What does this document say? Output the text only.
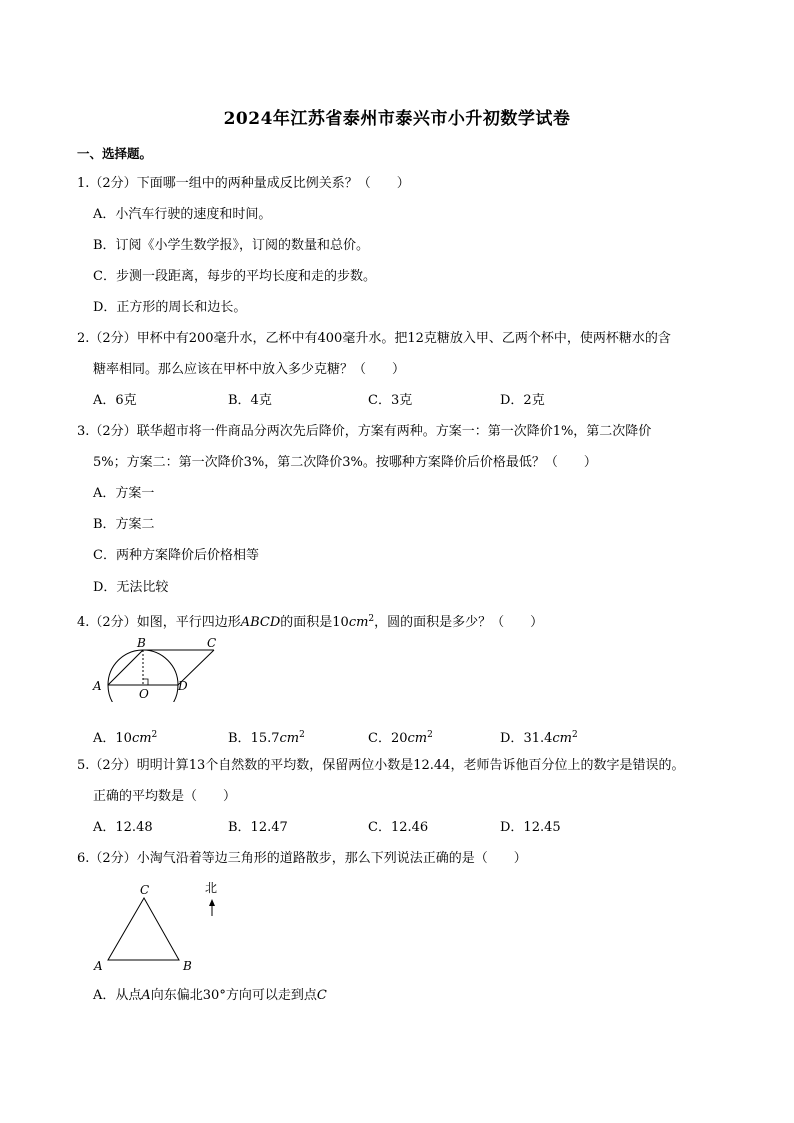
2024年江苏省泰州市泰兴市小升初数学试卷
一、选择题。
1.（2分）下面哪一组中的两种量成反比例关系？（　　）
A．小汽车行驶的速度和时间。
B．订阅《小学生数学报》，订阅的数量和总价。
C．步测一段距离，每步的平均长度和走的步数。
D．正方形的周长和边长。
2.（2分）甲杯中有200毫升水，乙杯中有400毫升水。把12克糖放入甲、乙两个杯中，使两杯糖水的含
糖率相同。那么应该在甲杯中放入多少克糖？（　　）
A．6克	B．4克	C．3克	D．2克
3.（2分）联华超市将一件商品分两次先后降价，方案有两种。方案一：第一次降价1%，第二次降价
5%；方案二：第一次降价3%，第二次降价3%。按哪种方案降价后价格最低？（　　）
A．方案一
B．方案二
C．两种方案降价后价格相等
D．无法比较
4.（2分）如图，平行四边形ABCD的面积是$10cm^2$，圆的面积是多少？（　　）
A
B	C
D
O
A．$10cm^2$	B．$15.7cm^2$	C．$20cm^2$	D．$31.4cm^2$
5.（2分）明明计算13个自然数的平均数，保留两位小数是12.44，老师告诉他百分位上的数字是错误的。
正确的平均数是（　　）
A．12.48	B．12.47	C．12.46	D．12.45
6.（2分）小淘气沿着等边三角形的道路散步，那么下列说法正确的是（　　）
A	B
C	北
A．从点A向东偏北30°方向可以走到点C
